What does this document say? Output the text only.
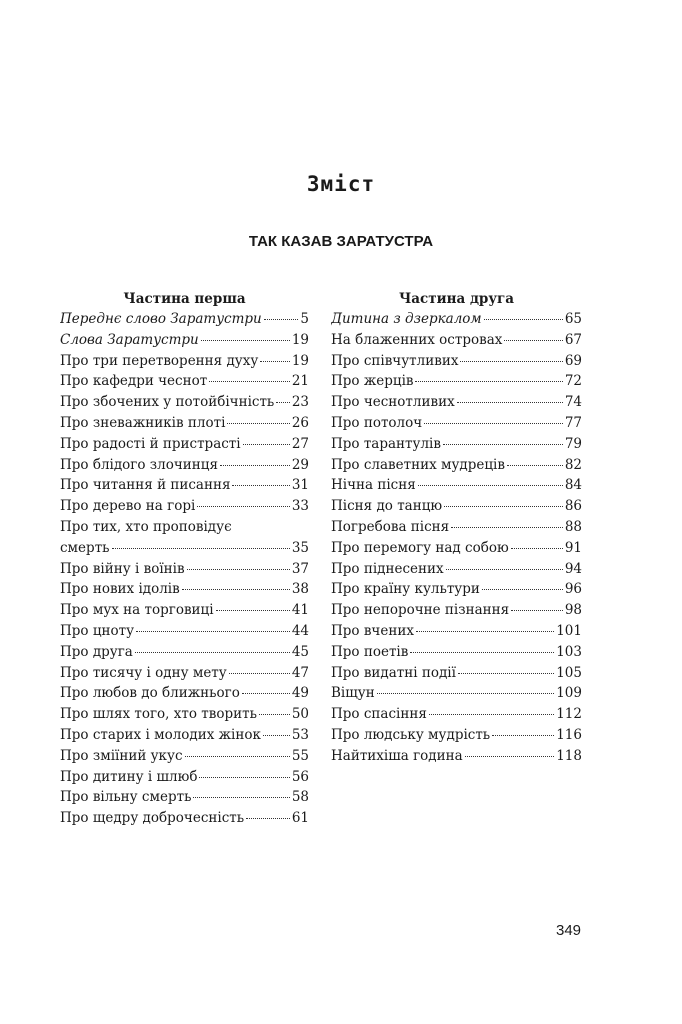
Зміст
ТАК КАЗАВ ЗАРАТУСТРА
Частина перша
Переднє слово Заратустри	5
Слова Заратустри	19
Про три перетворення духу 19
Про кафедри чеснот	21
Про збочених у потойбічність 23
Про зневажників плоті	26
Про радості й пристрасті	27
Про блідого злочинця	29
Про читання й писання	31
Про дерево на горі	33
Про тих, хто проповідує
смерть	35
Про війну і воїнів	37
Про нових ідолів	38
Про мух на торговиці	41
Про цноту	44
Про друга	45
Про тисячу і одну мету	47
Про любов до ближнього	49
Про шлях того, хто творить	50
Про старих і молодих жінок 53
Про зміїний укус	55
Про дитину і шлюб	56
Про вільну смерть	58
Про щедру доброчесність	61
Частина друга
Дитина з дзеркалом	65
На блаженних островах	67
Про співчутливих	69
Про жерців	72
Про чеснотливих	74
Про потолоч	77
Про тарантулів	79
Про славетних мудреців	82
Нічна пісня	84
Пісня до танцю	86
Погребова пісня	88
Про перемогу над собою	91
Про піднесених	94
Про країну культури	96
Про непорочне пізнання	98
Про вчених	101
Про поетів	103
Про видатні події	105
Віщун	109
Про спасіння	112
Про людську мудрість	116
Найтихіша година	118
349
